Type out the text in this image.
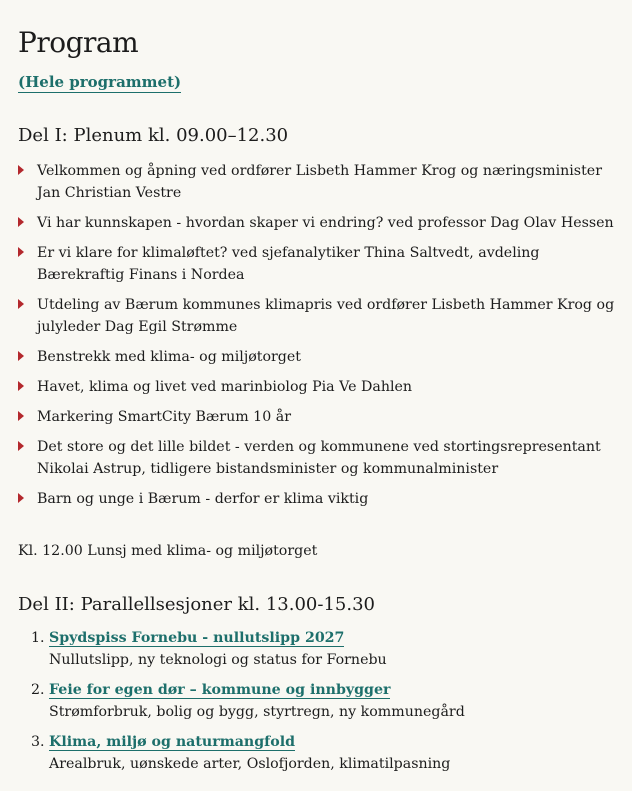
Program
(Hele programmet)
Del I: Plenum kl. 09.00–12.30
Velkommen og åpning ved ordfører Lisbeth Hammer Krog og næringsminister Jan Christian Vestre
Vi har kunnskapen - hvordan skaper vi endring? ved professor Dag Olav Hessen
Er vi klare for klimaløftet? ved sjefanalytiker Thina Saltvedt, avdeling Bærekraftig Finans i Nordea
Utdeling av Bærum kommunes klimapris ved ordfører Lisbeth Hammer Krog og julyleder Dag Egil Strømme
Benstrekk med klima- og miljøtorget
Havet, klima og livet ved marinbiolog Pia Ve Dahlen
Markering SmartCity Bærum 10 år
Det store og det lille bildet - verden og kommunene ved stortingsrepresentant Nikolai Astrup, tidligere bistandsminister og kommunalminister
Barn og unge i Bærum - derfor er klima viktig
Kl. 12.00 Lunsj med klima- og miljøtorget
Del II: Parallellsesjoner kl. 13.00-15.30
1. Spydspiss Fornebu - nullutslipp 2027
Nullutslipp, ny teknologi og status for Fornebu
2. Feie for egen dør – kommune og innbygger
Strømforbruk, bolig og bygg, styrtregn, ny kommunegård
3. Klima, miljø og naturmangfold
Arealbruk, uønskede arter, Oslofjorden, klimatilpasning
